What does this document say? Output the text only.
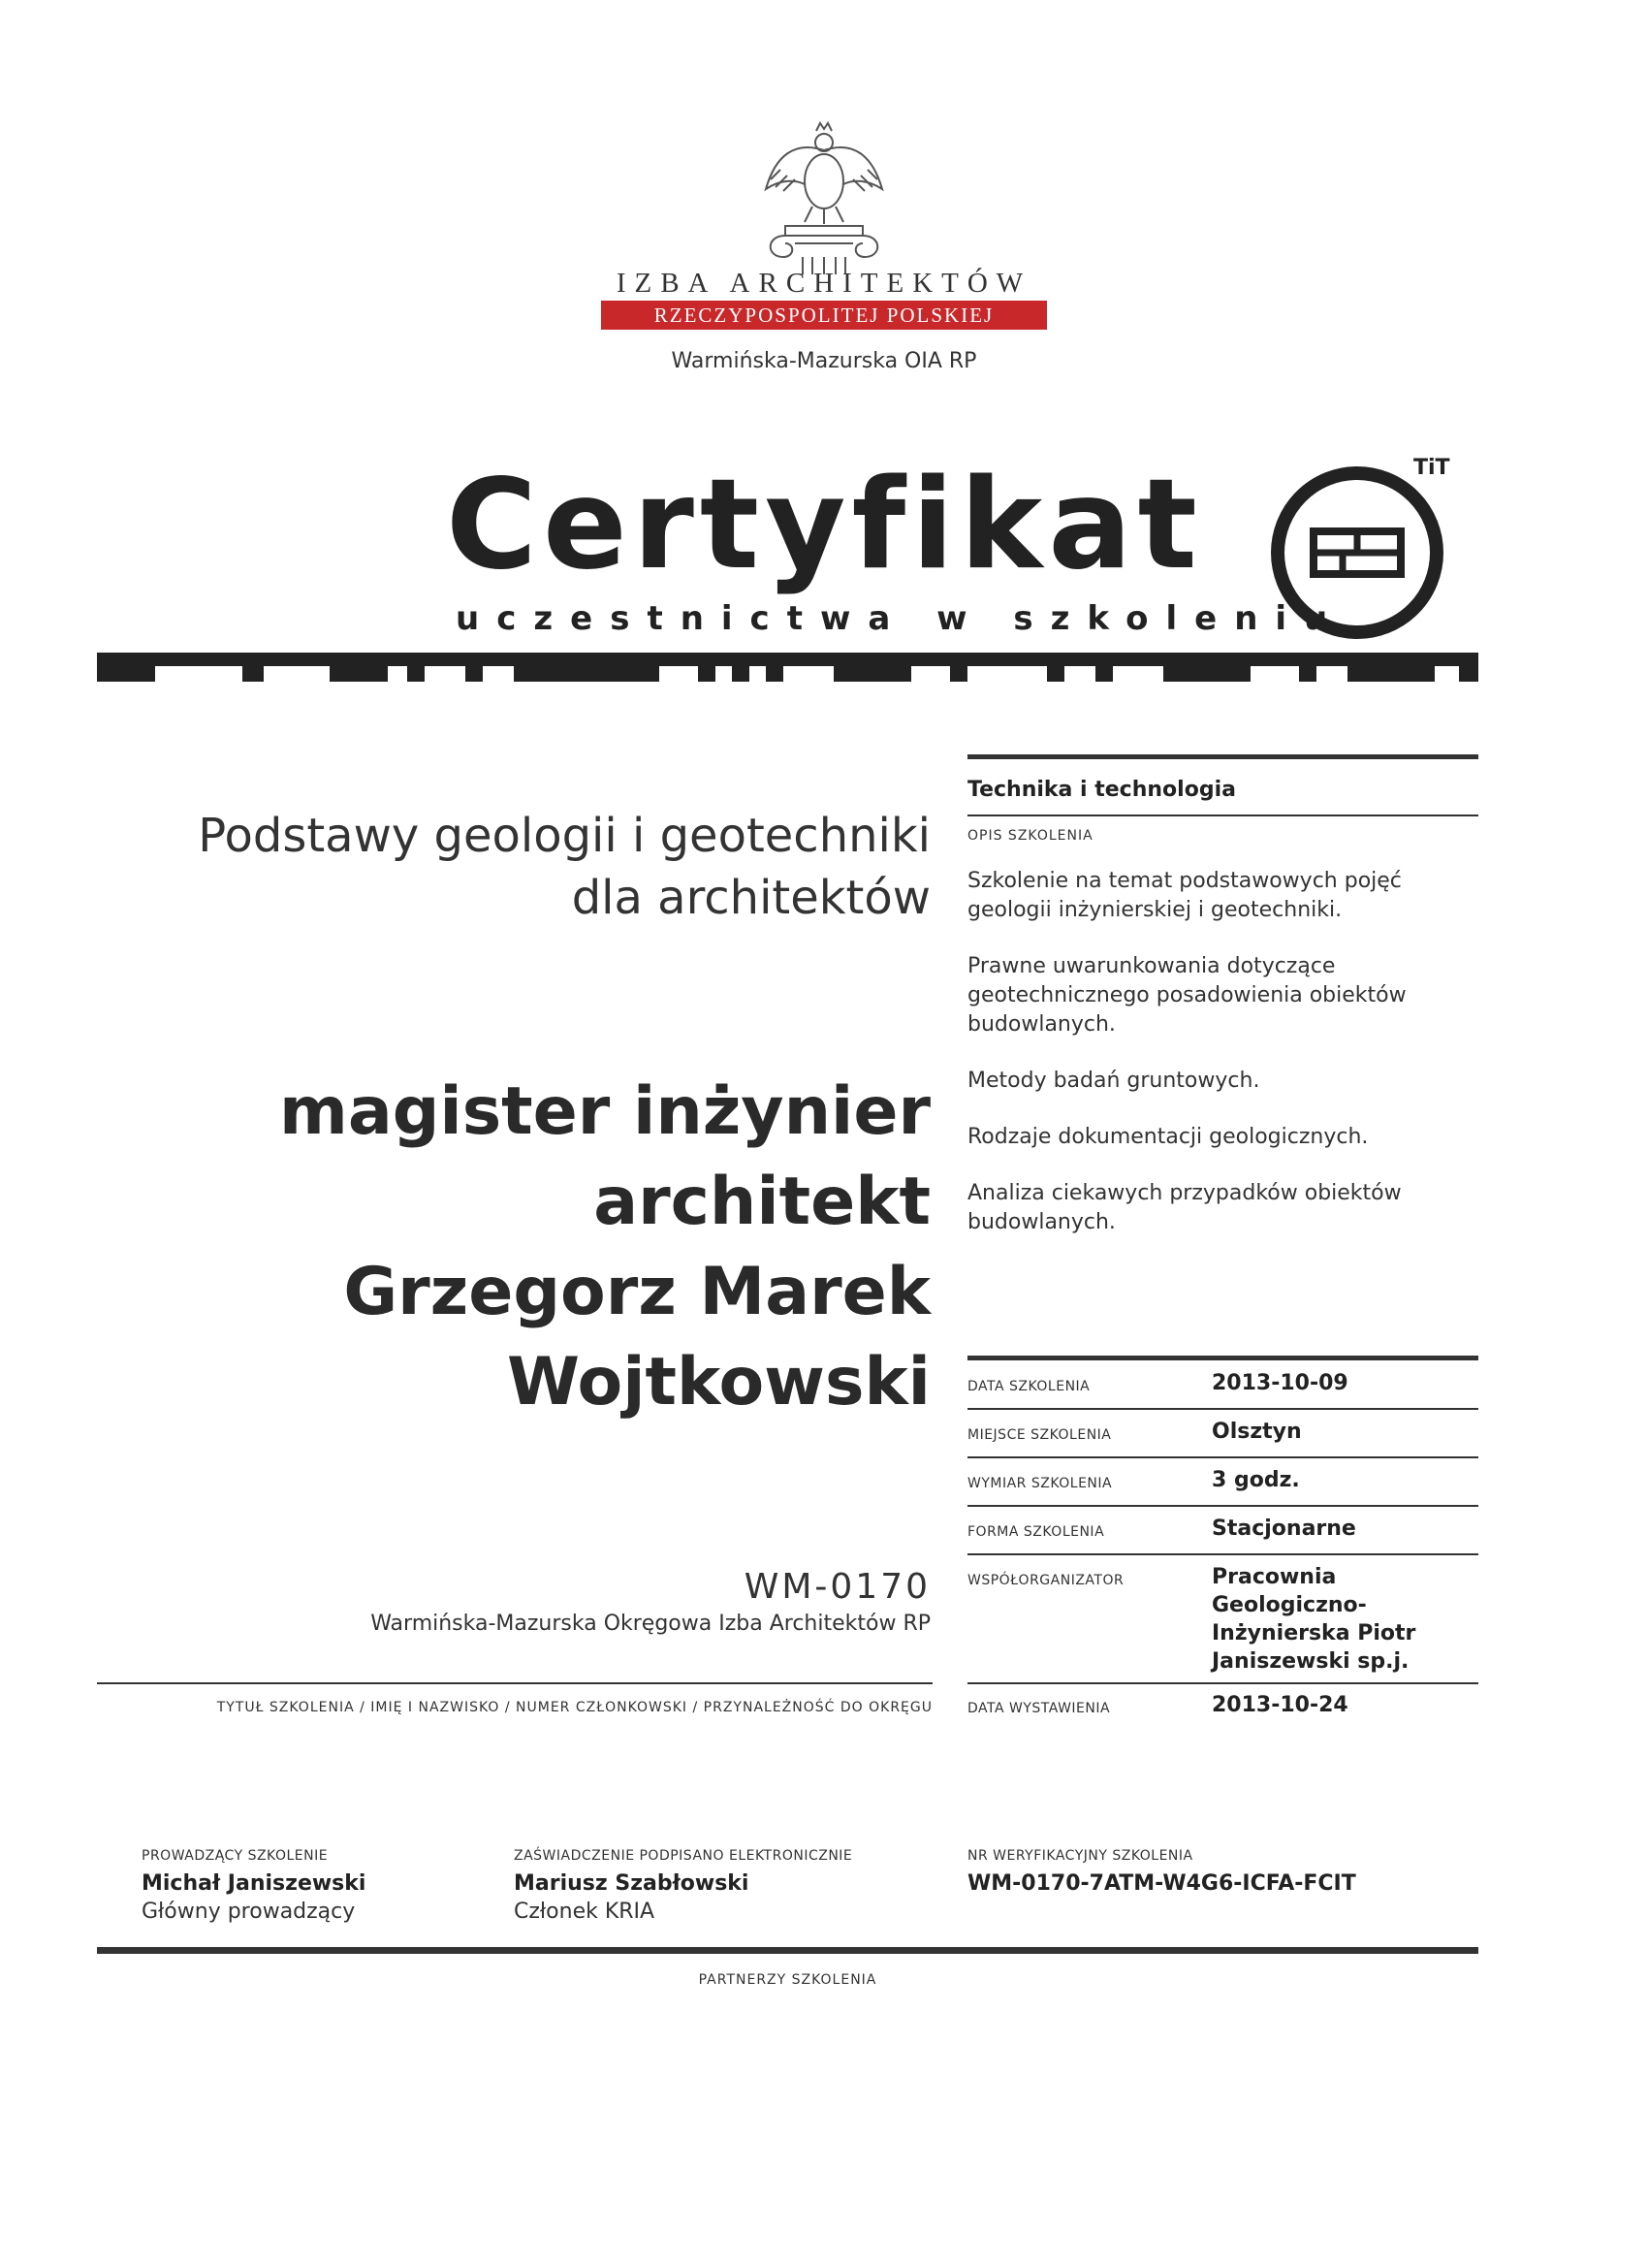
IZBA ARCHITEKTÓW
RZECZYPOSPOLITEJ POLSKIEJ
Warmińska-Mazurska OIA RP
Certyfikat
uczestnictwa w szkoleniu
TiT
Podstawy geologii i geotechniki
dla architektów
magister inżynier
architekt
Grzegorz Marek
Wojtkowski
WM-0170
Warmińska-Mazurska Okręgowa Izba Architektów RP
TYTUŁ SZKOLENIA / IMIĘ I NAZWISKO / NUMER CZŁONKOWSKI / PRZYNALEŻNOŚĆ DO OKRĘGU
Technika i technologia
OPIS SZKOLENIA

Szkolenie na temat podstawowych pojęć geologii inżynierskiej i geotechniki.

Prawne uwarunkowania dotyczące geotechnicznego posadowienia obiektów budowlanych.

Metody badań gruntowych.

Rodzaje dokumentacji geologicznych.

Analiza ciekawych przypadków obiektów budowlanych.

DATA SZKOLENIA	2013-10-09
MIEJSCE SZKOLENIA	Olsztyn
WYMIAR SZKOLENIA	3 godz.
FORMA SZKOLENIA	Stacjonarne
WSPÓŁORGANIZATOR	Pracownia Geologiczno-Inżynierska Piotr Janiszewski sp.j.
DATA WYSTAWIENIA	2013-10-24
PROWADZĄCY SZKOLENIE
Michał Janiszewski
Główny prowadzący
ZAŚWIADCZENIE PODPISANO ELEKTRONICZNIE
Mariusz Szabłowski
Członek KRIA
NR WERYFIKACYJNY SZKOLENIA
WM-0170-7ATM-W4G6-ICFA-FCIT
PARTNERZY SZKOLENIA
